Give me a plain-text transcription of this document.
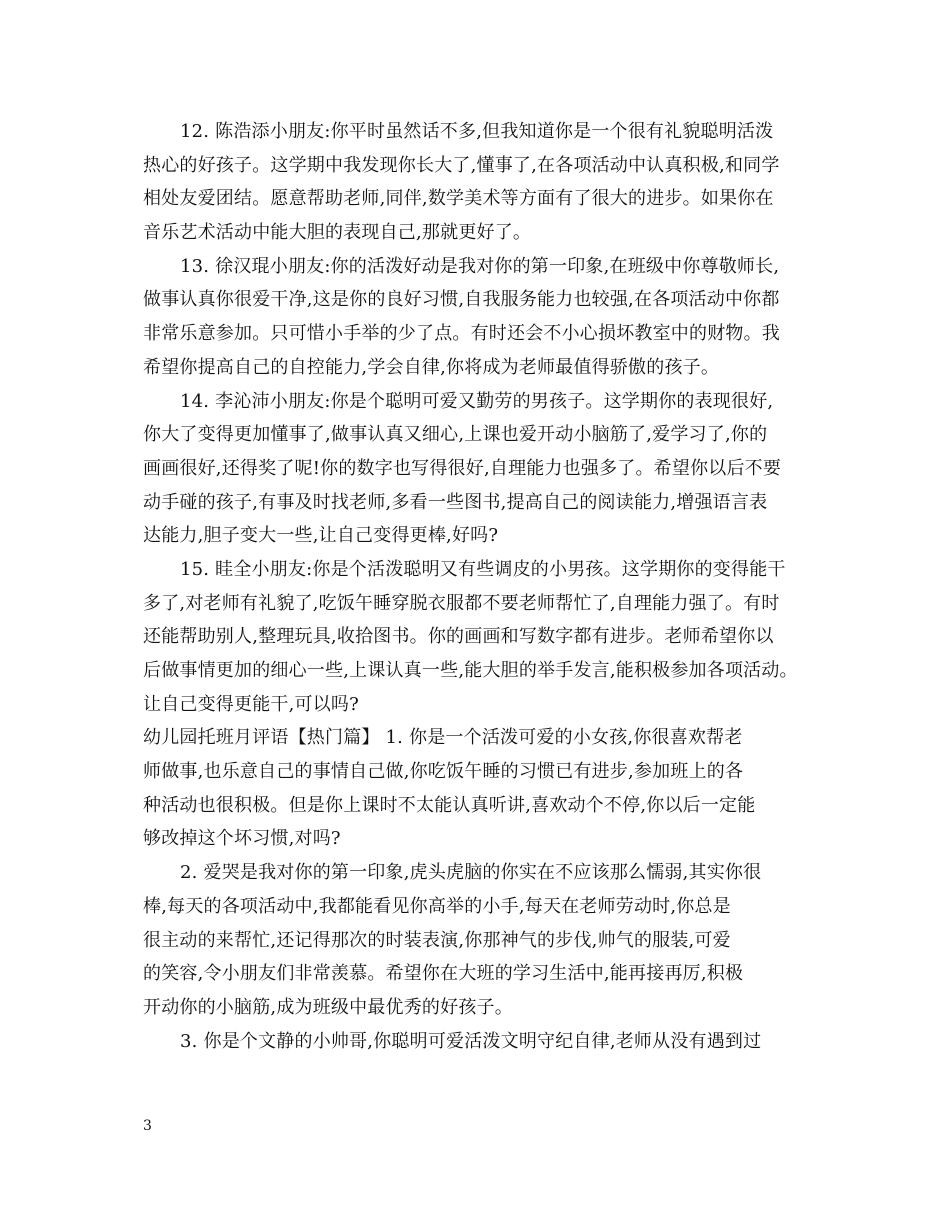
12. 陈浩添小朋友:你平时虽然话不多,但我知道你是一个很有礼貌聪明活泼
热心的好孩子。这学期中我发现你长大了,懂事了,在各项活动中认真积极,和同学
相处友爱团结。愿意帮助老师,同伴,数学美术等方面有了很大的进步。如果你在
音乐艺术活动中能大胆的表现自己,那就更好了。
13. 徐汉琨小朋友:你的活泼好动是我对你的第一印象,在班级中你尊敬师长,
做事认真你很爱干净,这是你的良好习惯,自我服务能力也较强,在各项活动中你都
非常乐意参加。只可惜小手举的少了点。有时还会不小心损坏教室中的财物。我
希望你提高自己的自控能力,学会自律,你将成为老师最值得骄傲的孩子。
14. 李沁沛小朋友:你是个聪明可爱又勤劳的男孩子。这学期你的表现很好,
你大了变得更加懂事了,做事认真又细心,上课也爱开动小脑筋了,爱学习了,你的
画画很好,还得奖了呢!你的数字也写得很好,自理能力也强多了。希望你以后不要
动手碰的孩子,有事及时找老师,多看一些图书,提高自己的阅读能力,增强语言表
达能力,胆子变大一些,让自己变得更棒,好吗?
15. 眭全小朋友:你是个活泼聪明又有些调皮的小男孩。这学期你的变得能干
多了,对老师有礼貌了,吃饭午睡穿脱衣服都不要老师帮忙了,自理能力强了。有时
还能帮助别人,整理玩具,收拾图书。你的画画和写数字都有进步。老师希望你以
后做事情更加的细心一些,上课认真一些,能大胆的举手发言,能积极参加各项活动。
让自己变得更能干,可以吗?
幼儿园托班月评语【热门篇】 1. 你是一个活泼可爱的小女孩,你很喜欢帮老
师做事,也乐意自己的事情自己做,你吃饭午睡的习惯已有进步,参加班上的各
种活动也很积极。但是你上课时不太能认真听讲,喜欢动个不停,你以后一定能
够改掉这个坏习惯,对吗?
2. 爱哭是我对你的第一印象,虎头虎脑的你实在不应该那么懦弱,其实你很
棒,每天的各项活动中,我都能看见你高举的小手,每天在老师劳动时,你总是
很主动的来帮忙,还记得那次的时装表演,你那神气的步伐,帅气的服装,可爱
的笑容,令小朋友们非常羡慕。希望你在大班的学习生活中,能再接再厉,积极
开动你的小脑筋,成为班级中最优秀的好孩子。
3. 你是个文静的小帅哥,你聪明可爱活泼文明守纪自律,老师从没有遇到过
3
